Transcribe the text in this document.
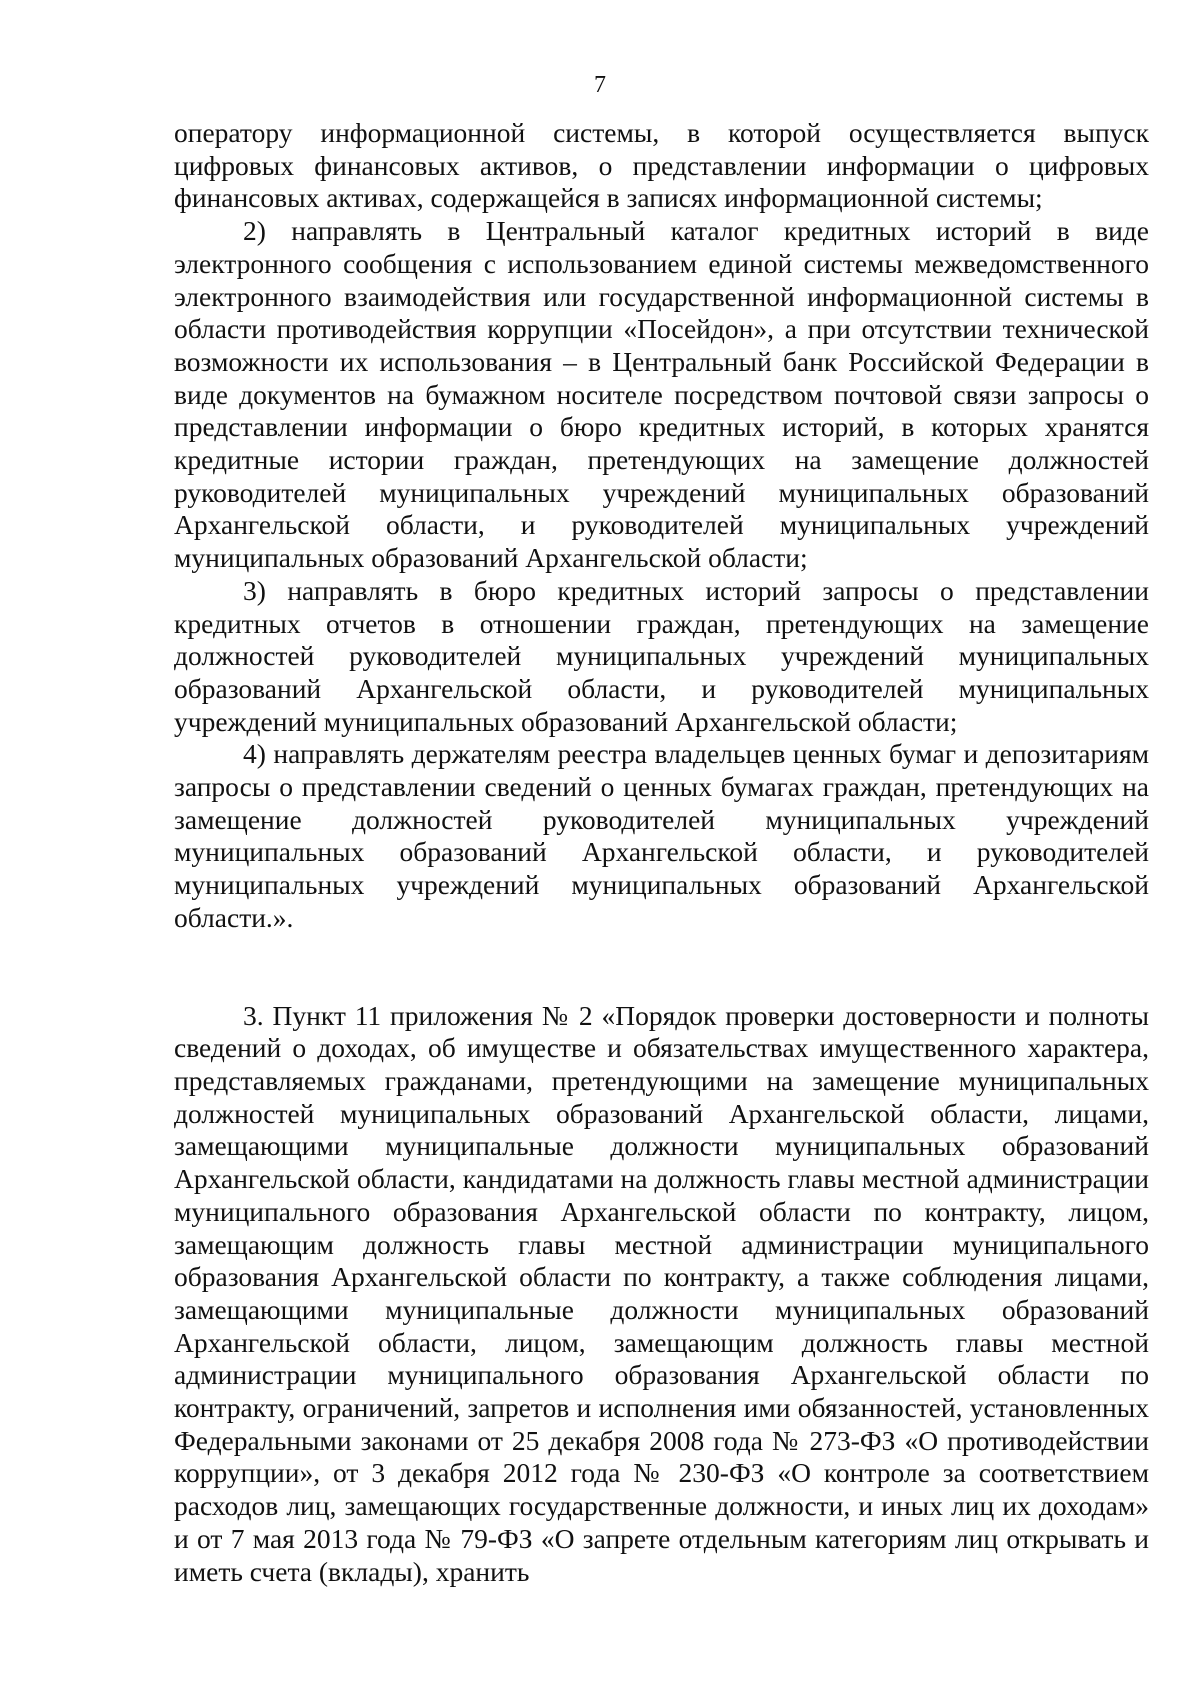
7

оператору информационной системы, в которой осуществляется выпуск цифровых финансовых активов, о представлении информации о цифровых финансовых активах, содержащейся в записях информационной системы;

2) направлять в Центральный каталог кредитных историй в виде электронного сообщения с использованием единой системы межведомственного электронного взаимодействия или государственной информационной системы в области противодействия коррупции «Посейдон», а при отсутствии технической возможности их использования – в Центральный банк Российской Федерации в виде документов на бумажном носителе посредством почтовой связи запросы о представлении информации о бюро кредитных историй, в которых хранятся кредитные истории граждан, претендующих на замещение должностей руководителей муниципальных учреждений муниципальных образований Архангельской области, и руководителей муниципальных учреждений муниципальных образований Архангельской области;

3) направлять в бюро кредитных историй запросы о представлении кредитных отчетов в отношении граждан, претендующих на замещение должностей руководителей муниципальных учреждений муниципальных образований Архангельской области, и руководителей муниципальных учреждений муниципальных образований Архангельской области;

4) направлять держателям реестра владельцев ценных бумаг и депозитариям запросы о представлении сведений о ценных бумагах граждан, претендующих на замещение должностей руководителей муниципальных учреждений муниципальных образований Архангельской области, и руководителей муниципальных учреждений муниципальных образований Архангельской области.».

3. Пункт 11 приложения № 2 «Порядок проверки достоверности и полноты сведений о доходах, об имуществе и обязательствах имущественного характера, представляемых гражданами, претендующими на замещение муниципальных должностей муниципальных образований Архангельской области, лицами, замещающими муниципальные должности муниципальных образований Архангельской области, кандидатами на должность главы местной администрации муниципального образования Архангельской области по контракту, лицом, замещающим должность главы местной администрации муниципального образования Архангельской области по контракту, а также соблюдения лицами, замещающими муниципальные должности муниципальных образований Архангельской области, лицом, замещающим должность главы местной администрации муниципального образования Архангельской области по контракту, ограничений, запретов и исполнения ими обязанностей, установленных Федеральными законами от 25 декабря 2008 года № 273-ФЗ «О противодействии коррупции», от 3 декабря 2012 года № 230-ФЗ «О контроле за соответствием расходов лиц, замещающих государственные должности, и иных лиц их доходам» и от 7 мая 2013 года № 79-ФЗ «О запрете отдельным категориям лиц открывать и иметь счета (вклады), хранить
